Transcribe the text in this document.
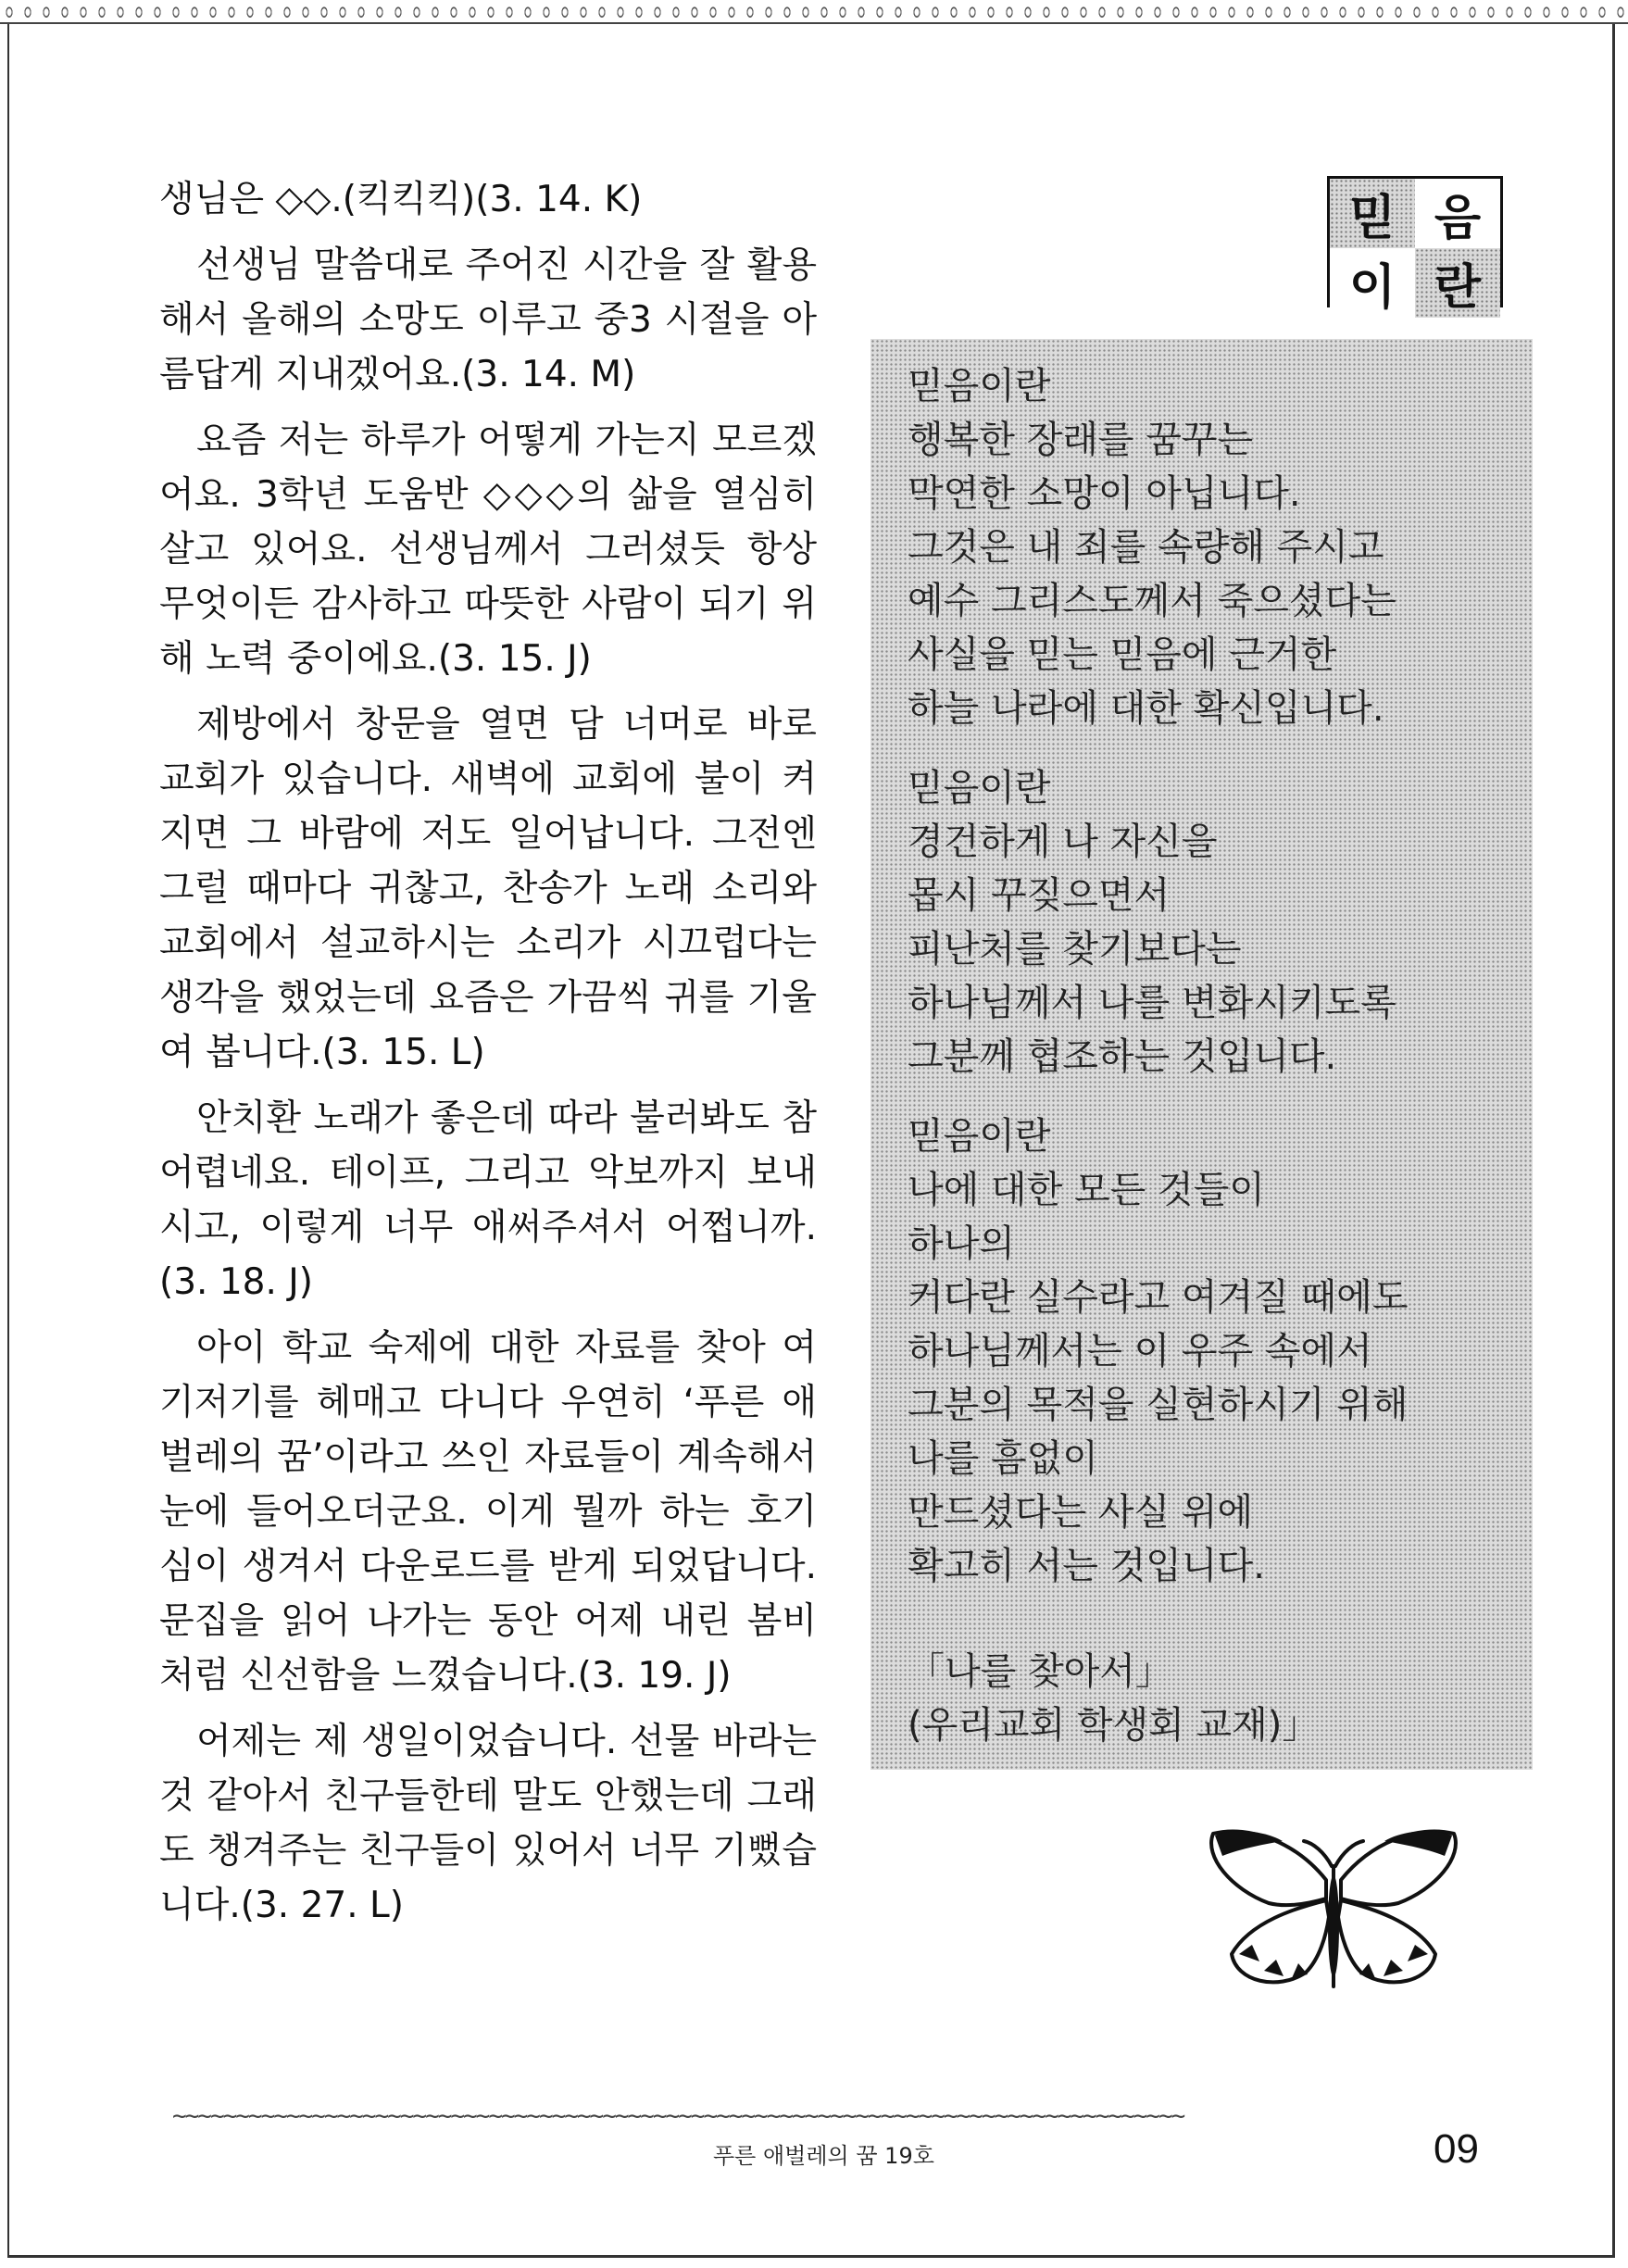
생님은 ◇◇.(킥킥킥)(3. 14. K)

선생님 말씀대로 주어진 시간을 잘 활용해서 올해의 소망도 이루고 중3 시절을 아름답게 지내겠어요.(3. 14. M)

요즘 저는 하루가 어떻게 가는지 모르겠어요. 3학년 도움반 ◇◇◇의 삶을 열심히 살고 있어요. 선생님께서 그러셨듯 항상 무엇이든 감사하고 따뜻한 사람이 되기 위해 노력 중이에요.(3. 15. J)

제방에서 창문을 열면 담 너머로 바로 교회가 있습니다. 새벽에 교회에 불이 켜지면 그 바람에 저도 일어납니다. 그전엔 그럴 때마다 귀찮고, 찬송가 노래 소리와 교회에서 설교하시는 소리가 시끄럽다는 생각을 했었는데 요즘은 가끔씩 귀를 기울여 봅니다.(3. 15. L)

안치환 노래가 좋은데 따라 불러봐도 참 어렵네요. 테이프, 그리고 악보까지 보내시고, 이렇게 너무 애써주셔서 어쩝니까.(3. 18. J)

아이 학교 숙제에 대한 자료를 찾아 여기저기를 헤매고 다니다 우연히 ‘푸른 애벌레의 꿈’이라고 쓰인 자료들이 계속해서 눈에 들어오더군요. 이게 뭘까 하는 호기심이 생겨서 다운로드를 받게 되었답니다. 문집을 읽어 나가는 동안 어제 내린 봄비처럼 신선함을 느꼈습니다.(3. 19. J)

어제는 제 생일이었습니다. 선물 바라는 것 같아서 친구들한테 말도 안했는데 그래도 챙겨주는 친구들이 있어서 너무 기뻤습니다.(3. 27. L)

믿 음
이 란
믿음이란
행복한 장래를 꿈꾸는
막연한 소망이 아닙니다.
그것은 내 죄를 속량해 주시고
예수 그리스도께서 죽으셨다는
사실을 믿는 믿음에 근거한
하늘 나라에 대한 확신입니다.
믿음이란
경건하게 나 자신을
몹시 꾸짖으면서
피난처를 찾기보다는
하나님께서 나를 변화시키도록
그분께 협조하는 것입니다.
믿음이란
나에 대한 모든 것들이
하나의
커다란 실수라고 여겨질 때에도
하나님께서는 이 우주 속에서
그분의 목적을 실현하시기 위해
나를 흠없이
만드셨다는 사실 위에
확고히 서는 것입니다.
「나를 찾아서」
(우리교회 학생회 교재)」
~~~~~~~~~~~~~~~~~~~~~~~~~~~~~~~~~~~~~~~~~~~~~~~~~~~~~~~~~~~~~~~~~~~~~~~~~~~~~~~~
푸른 애벌레의 꿈 19호	09
